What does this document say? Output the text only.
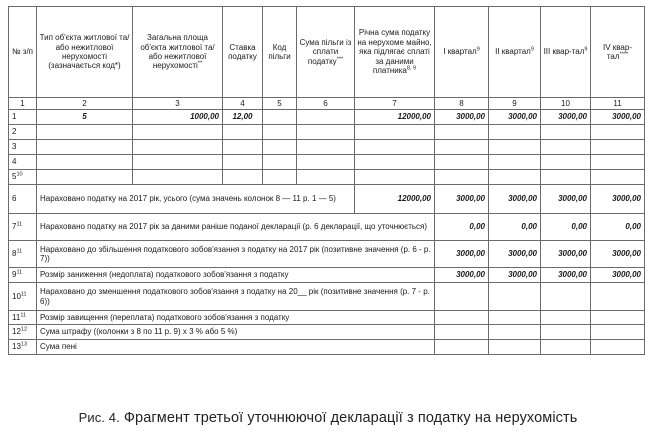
№ з/п	Тип об'єкта житлової та/або нежитлової нерухомості (зазначається код*)	Загальна площа об'єкта житлової та/або нежитлової нерухомості**	Ставка податку	Код пільги	Сума пільги із сплати податку***	Річна сума податку на нерухоме майно, яка підлягає сплаті за даними платника$^{8, 9}$	I квартал$^9$	II квартал$^9$	III квар-тал$^9$	IV квар-тал****
1	2	3	4	5	6	7	8	9	10	11
1	5	1000,00	12,00			12000,00	3000,00	3000,00	3000,00	3000,00
2										
3										
4										
$5^{10}$										
6	Нараховано податку на 2017 рік, усього (сума значень колонок 8 — 11 р. 1 — 5)					12000,00	3000,00	3000,00	3000,00	3000,00
$7^{11}$	Нараховано податку на 2017 рік за даними раніше поданої декларації (р. 6 декларації, що уточнюється)						0,00	0,00	0,00	0,00
$8^{11}$	Нараховано до збільшення податкового зобов'язання з податку на 2017 рік (позитивне значення (р. 6 - р. 7))						3000,00	3000,00	3000,00	3000,00
$9^{11}$	Розмір заниження (недоплата) податкового зобов'язання з податку						3000,00	3000,00	3000,00	3000,00
$10^{11}$	Нараховано до зменшення податкового зобов'язання з податку на 20__ рік (позитивне значення (р. 7 - р. 6))									
$11^{11}$	Розмір завищення (переплата) податкового зобов'язання з податку									
$12^{12}$	Сума штрафу ((колонки з 8 по 11 р. 9) х 3 % або 5 %)									
$13^{13}$	Сума пені									
Рис. 4. Фрагмент третьої уточнюючої декларації з податку на нерухомість
